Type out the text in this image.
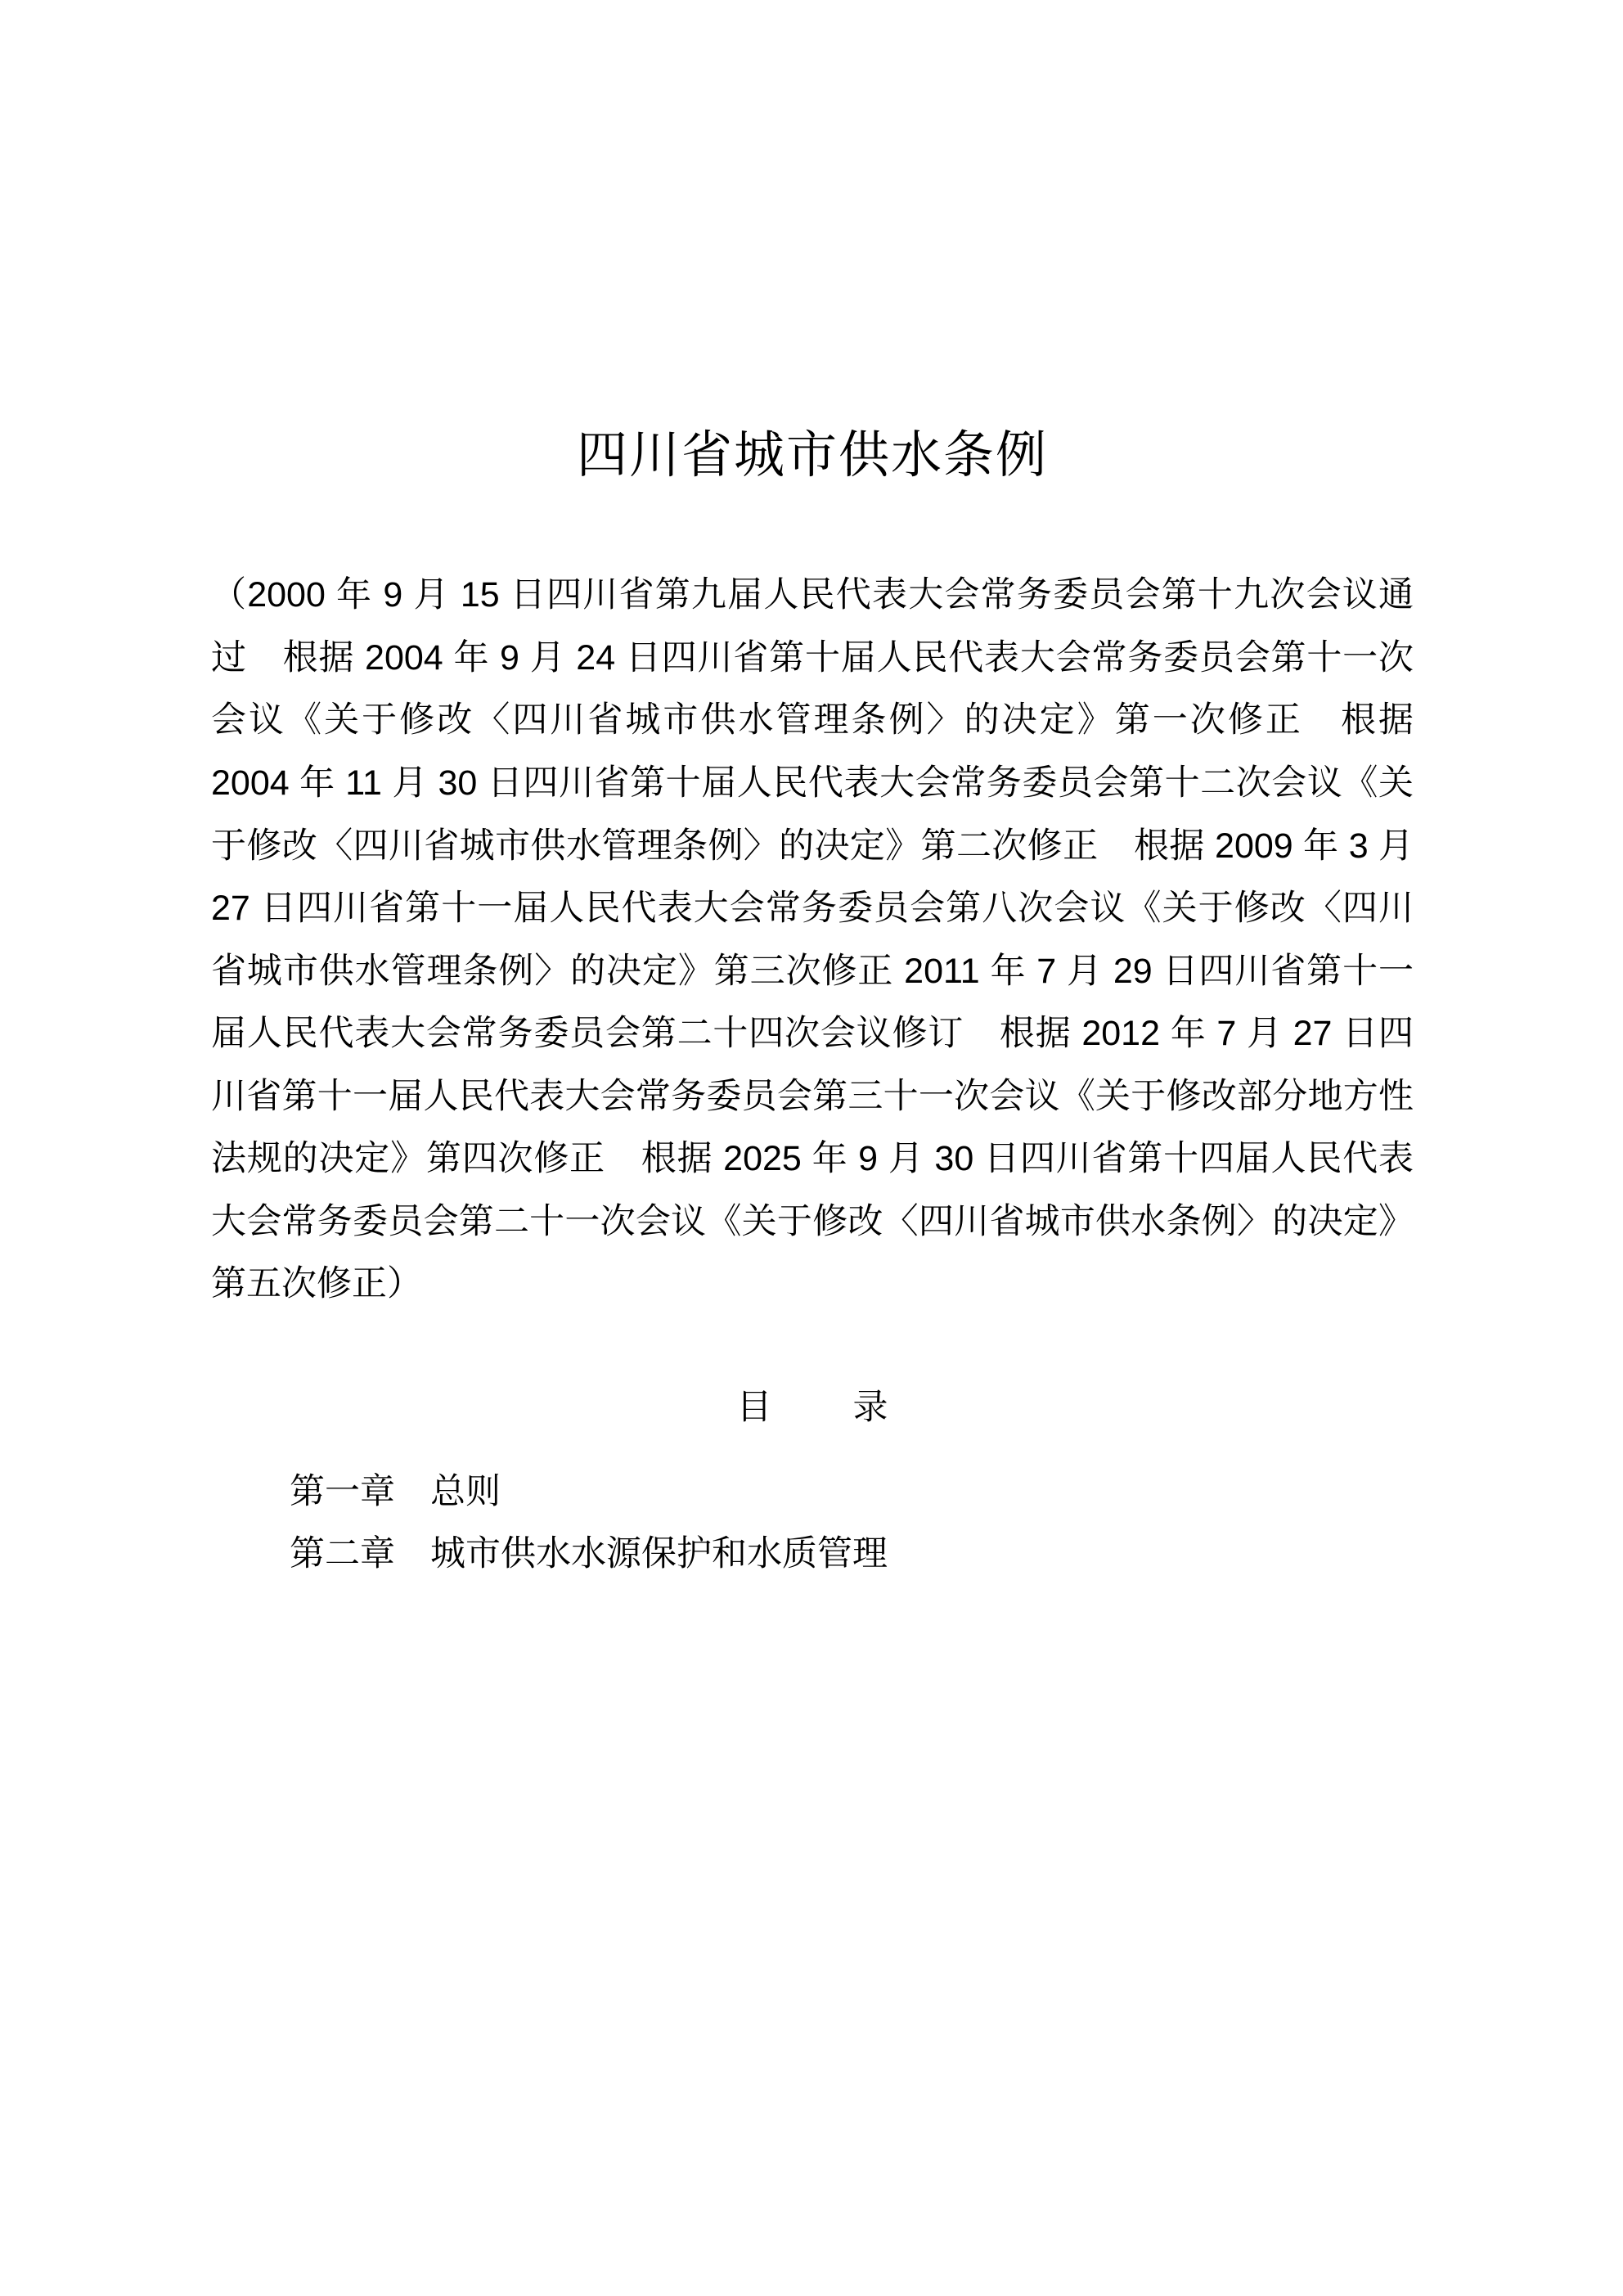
四川省城市供水条例

（2000 年 9 月 15 日四川省第九届人民代表大会常务委员会第十九次会议通过　根据 2004 年 9 月 24 日四川省第十届人民代表大会常务委员会第十一次会议《关于修改〈四川省城市供水管理条例〉的决定》第一次修正　根据 2004 年 11 月 30 日四川省第十届人民代表大会常务委员会第十二次会议《关于修改〈四川省城市供水管理条例〉的决定》第二次修正　根据 2009 年 3 月 27 日四川省第十一届人民代表大会常务委员会第八次会议《关于修改〈四川省城市供水管理条例〉的决定》第三次修正 2011 年 7 月 29 日四川省第十一届人民代表大会常务委员会第二十四次会议修订　根据 2012 年 7 月 27 日四川省第十一届人民代表大会常务委员会第三十一次会议《关于修改部分地方性法规的决定》第四次修正　根据 2025 年 9 月 30 日四川省第十四届人民代表大会常务委员会第二十一次会议《关于修改〈四川省城市供水条例〉的决定》第五次修正）

目　录
第一章　总则
第二章　城市供水水源保护和水质管理
